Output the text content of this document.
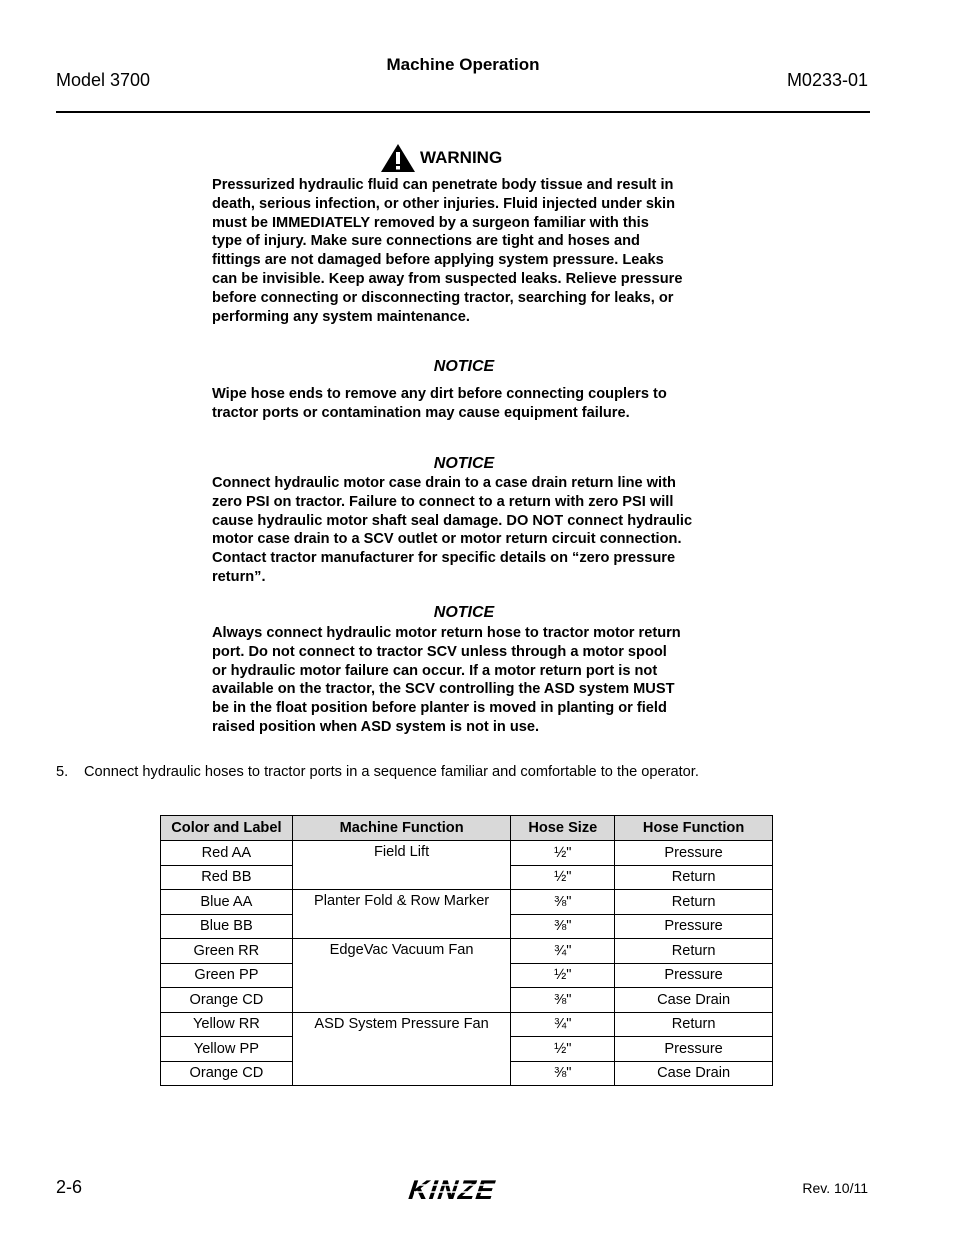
Model 3700
Machine Operation
M0233-01
WARNING
Pressurized hydraulic fluid can penetrate body tissue and result in
death, serious infection, or other injuries. Fluid injected under skin
must be IMMEDIATELY removed by a surgeon familiar with this
type of injury. Make sure connections are tight and hoses and
fittings are not damaged before applying system pressure. Leaks
can be invisible. Keep away from suspected leaks. Relieve pressure
before connecting or disconnecting tractor, searching for leaks, or
performing any system maintenance.
NOTICE
Wipe hose ends to remove any dirt before connecting couplers to
tractor ports or contamination may cause equipment failure.
NOTICE
Connect hydraulic motor case drain to a case drain return line with
zero PSI on tractor. Failure to connect to a return with zero PSI will
cause hydraulic motor shaft seal damage. DO NOT connect hydraulic
motor case drain to a SCV outlet or motor return circuit connection.
Contact tractor manufacturer for specific details on “zero pressure
return”.
NOTICE
Always connect hydraulic motor return hose to tractor motor return
port. Do not connect to tractor SCV unless through a motor spool
or hydraulic motor failure can occur. If a motor return port is not
available on the tractor, the SCV controlling the ASD system MUST
be in the float position before planter is moved in planting or field
raised position when ASD system is not in use.
5. Connect hydraulic hoses to tractor ports in a sequence familiar and comfortable to the operator.
Color and Label	Machine Function	Hose Size	Hose Function
Red AA	Field Lift	½"	Pressure
Red BB		½"	Return
Blue AA	Planter Fold & Row Marker	⅜"	Return
Blue BB		⅜"	Pressure
Green RR	EdgeVac Vacuum Fan	¾"	Return
Green PP		½"	Pressure
Orange CD		⅜"	Case Drain
Yellow RR	ASD System Pressure Fan	¾"	Return
Yellow PP		½"	Pressure
Orange CD		⅜"	Case Drain
2-6	KINZE	Rev. 10/11
